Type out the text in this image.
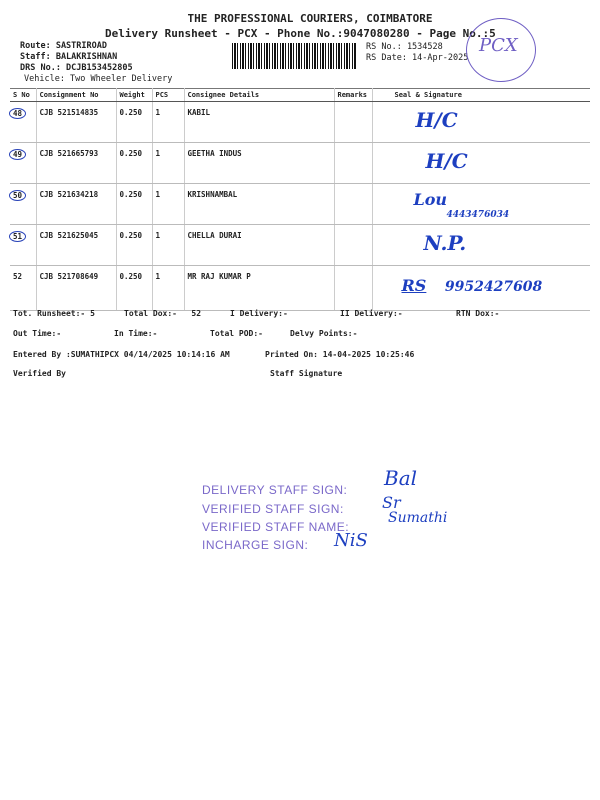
THE PROFESSIONAL COURIERS, COIMBATORE
Delivery Runsheet - PCX - Phone No.:9047080280 - Page No.:5
Route: SASTRIROAD
Staff: BALAKRISHNAN
DRS No.: DCJB153452805
Vehicle: Two Wheeler Delivery
RS No.: 1534528
RS Date: 14-Apr-2025
PCX
S No	Consignment No	Weight	PCS	Consignee Details	Remarks	Seal & Signature
48	CJB 521514835	0.250	1	KABIL		H/C
49	CJB 521665793	0.250	1	GEETHA INDUS		H/C
50	CJB 521634218	0.250	1	KRISHNAMBAL		Lou
4443476034

51	CJB 521625045	0.250	1	CHELLA DURAI		N.P.
52	CJB 521708649	0.250	1	MR RAJ KUMAR P		RS 9952427608
Tot. Runsheet:- 5	Total Dox:-   52	I Delivery:-	II Delivery:-	RTN Dox:-
Out Time:-	In Time:-	Total POD:-	Delvy Points:-
Entered By :SUMATHIPCX 04/14/2025 10:14:16 AM	Printed On: 14-04-2025 10:25:46
Verified By	Staff Signature
DELIVERY STAFF SIGN:
VERIFIED STAFF SIGN:
VERIFIED STAFF NAME:
INCHARGE SIGN:
Bal
Sr
Sumathi
NiS
